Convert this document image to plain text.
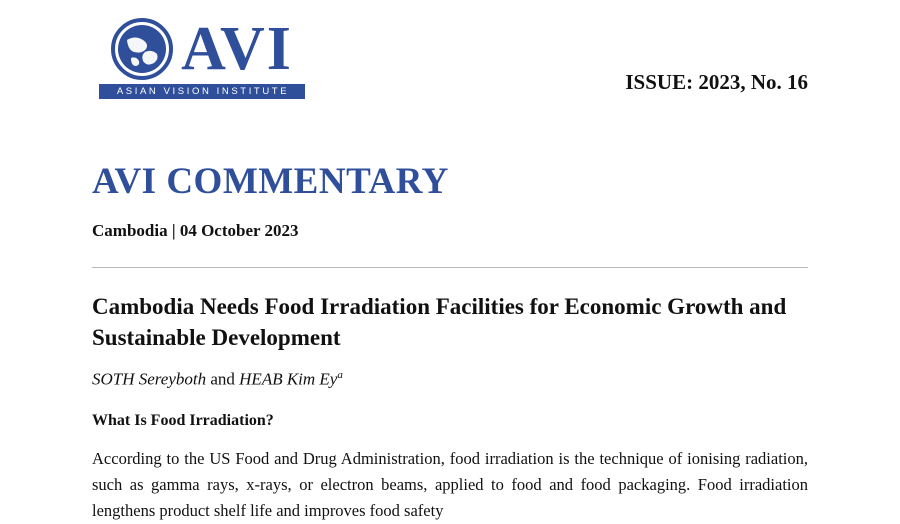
AVI
ASIAN VISION INSTITUTE	ISSUE: 2023, No. 16
AVI COMMENTARY
Cambodia | 04 October 2023
Cambodia Needs Food Irradiation Facilities for Economic Growth and Sustainable Development
SOTH Sereyboth and HEAB Kim Ey$^a$
What Is Food Irradiation?
According to the US Food and Drug Administration, food irradiation is the technique of ionising radiation, such as gamma rays, x-rays, or electron beams, applied to food and food packaging. Food irradiation lengthens product shelf life and improves food safety
